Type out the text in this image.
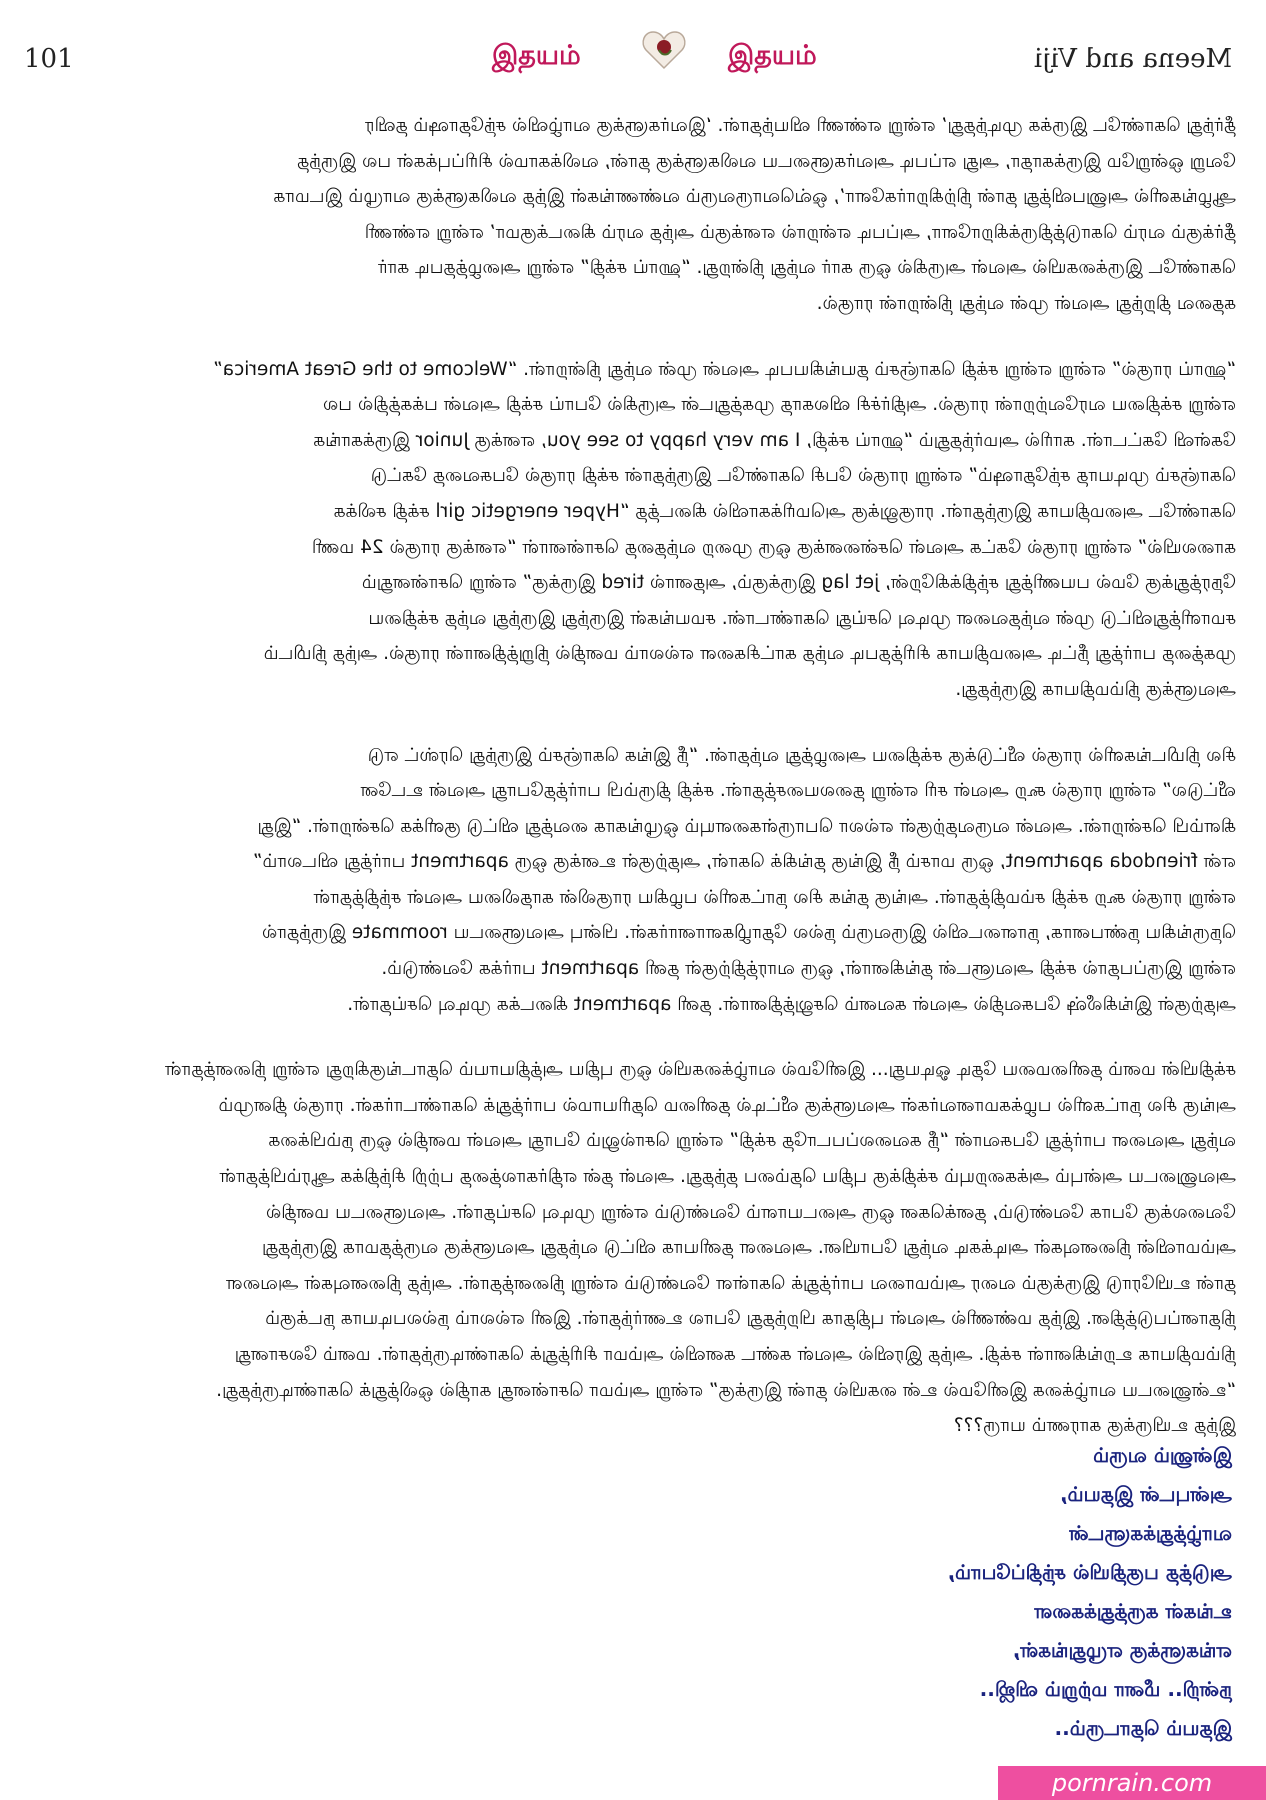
101	இதயம்	இதயம்	Meena and Viji

தீர்ந்து கொண்டே இருக்க முடிந்தது’ என்று எண்ணி வியந்தாள். ‘இவர்களுக்கு வாழ்வில் சந்தோஷம் தவிர
வேறு ஒன்றுமே இருக்காதா, அது எப்படி அவர்களுடைய வலிகளுக்கு தான், வலிக்காமல் சிரிப்புக்கள் பல இருந்த
ஆழங்களில் அனுபவித்து தான் நிற்கிறார்களோ’, ஒவ்வொருவரும் வண்ணங்கள் இந்த வலிகளுக்கு வாழும் இடமாக
தீர்க்கும் வரம் கொடுத்திருக்கிறாளோ, அப்படி என்றால் எனக்கும் அந்த வரம் கிடைக்குமா’ என்று எண்ணி
கொண்டே இருக்கையில் அவள் அருகில் ஒரு கார் வந்து நின்றது. “ஹாய் சக்தி” என்று அழைத்தபடி கார்
கதவை திறந்து அவள் முன் வந்து நின்றான் ராகுல்.

“ஹாய் ராகுல்” என்று என்று சக்தி கொஞ்சம் தயங்கியபடி அவன் முன் வந்து நின்றாள். “Welcome to the Great America”
என்று சக்தியை வரவேற்றான் ராகுல். அதிர்ச்சி விலகாத முகத்துடன் அருகில் போய் சக்தி அவன் பக்கத்தில் பல
கேள்வி கேட்டாள். காரில் அமர்ந்ததும் “ஹாய் சக்தி, I am very happy to see you, எனக்கு Junior இருக்காங்க
கொஞ்சம் முடியாத சந்தோஷம்” என்று ராகுல் பேசி கொண்டே இருந்தான் சக்தி ராகுல் பேசுவதை கேட்டு
கொண்டே அமைதியாக இருந்தாள். ராகுலுக்கு அமெரிக்காவில் கிடைத்த “Hyper energetic girl சக்தி சலிக்க
காலையில்” என்று ராகுல் கேட்க அவள் சென்னைக்கு ஒரு முறை வந்ததை சொன்னாள் “எனக்கு ராகுல் 24 மணி
நேரத்துக்கு மேல் பயணித்து சந்திக்கிறேன், jet lag இருக்கும், அதனால் tired இருக்கு” என்று சொன்னதும்
சமாளித்துவிட்டு முன் வந்தவளை முடிவு செய்து கொண்டான். சமயங்கள் இருந்து இருந்து வந்த சக்தியை
முகத்தை பார்த்து நீட்டி அமைதியாக சிரித்தபடி வந்த காட்சிகளை எல்லாம் மனதில் நிறுத்தினான் ராகுல். அந்த நிமிடம்
அவளுக்கு நிம்மதியாக இருந்தது.

சில நிமிடங்களில் ராகுல் வீட்டுக்கு சக்தியை அழைத்து வந்தான். “நீ இங்க கொஞ்சம் இருந்து ரெஸ்ட் எடு
வீட்டுல” என்று ராகுல் கூற அவள் சரி என்று தலையசைத்தாள். சக்தி திரும்பி பார்த்தபோது அவன் உடனே
கிளம்பி சென்றான். அவன் வருவதற்குள் எல்லா பொருள்களையும் ஒழுங்காக வைத்து விட்டு குளிக்க சென்றாள். “இது
என் friendoda apartment, ஒரு மாசம் நீ இங்கு தங்கிக் கொள், அதற்குள் உனக்கு ஒரு apartment பார்த்து விடலாம்”
என்று ராகுல் கூற சக்தி சம்மதித்தாள். அங்கு தங்க சில நாட்களில் பழகிய ராகுலின் காதலியை அவள் சந்தித்தாள்
நெருங்கிய நண்பனாக, நாளடைவில் இருவரும் நல்ல தோழிகளானார்கள். பின்பு அவளுடைய roommate இருந்தால்
என்று இருப்பதால் சக்தி அவளுடன் தங்கினாள், ஒரு வாரத்திற்குள் தனி apartment பார்க்க வேண்டும்.
அதற்குள் இங்கிலீஷ் பேசுவதில் அவள் கவனம் செலுத்தினாள். தனி apartment கிடைக்க முடிவு செய்தாள்.

சக்தியின் மனம் தனிமையை தேடி ஓடியது... இனிமேல் வாழ்க்கையில் ஒரு புதிய அத்தியாயம் தொடங்குகிறது என்று நினைத்தாள்
அங்கு சில நாட்களில் பழக்கமானவர்கள் அவளுக்கு வீட்டில் தனிமை தெரியாமல் பார்த்துக் கொண்டார்கள். ராகுல் தினமும்
வந்து அவளை பார்த்து பேசுவான் “நீ கவலைப்படாதே சக்தி” என்று சொல்லும் போது அவள் மனதில் ஒரு நம்பிக்கை
அவனுடைய அன்பும் அக்கறையும் சக்திக்கு புதிய தெம்பை தந்தது. அவள் தன் எதிர்காலத்தை பற்றி சிந்திக்க ஆரம்பித்தாள்
வேலைக்கு போக வேண்டும், தனக்கென ஒரு அடையாளம் வேண்டும் என்று முடிவு செய்தாள். அவளுடைய மனதில்
அம்மாவின் நினைவுகள் அடிக்கடி வந்து போயின. அவளை தனியாக விட்டு வந்தது அவளுக்கு வருத்தமாக இருந்தது
தான் உயிரோடு இருக்கும் வரை அம்மாவை பார்த்துக் கொள்ள வேண்டும் என்று நினைத்தாள். அந்த நினைவுகள் அவளை
நிதானப்படுத்தின. இந்த மண்ணில் அவள் புதிதாக பிறந்தது போல உணர்ந்தாள். இனி எல்லாம் நல்லபடியாக நடக்கும்
நிம்மதியாக உறங்கினாள் சக்தி. அந்த இரவில் அவள் கண்ட கனவில் அம்மா சிரித்துக் கொண்டிருந்தாள். மனம் லேசானது
“உன்னுடைய வாழ்க்கை இனிமேல் உன் கையில் தான் இருக்கு” என்று அம்மா சொன்னது காதில் ஒலித்துக் கொண்டிருந்தது.
இந்த உயிருக்கு காரணம் யாரு???

இன்னும் வரும்
அன்புடன் இதயம்,
வாழ்த்துக்களுடன்
அடுத்த பகுதியில் சந்திப்போம்,
உங்கள் கருத்துக்களை
எங்களுக்கு எழுதுங்கள்,
நன்றி.. மீனா மற்றும் விஜி..
இதயம் தொடரும்..
pornrain.com
